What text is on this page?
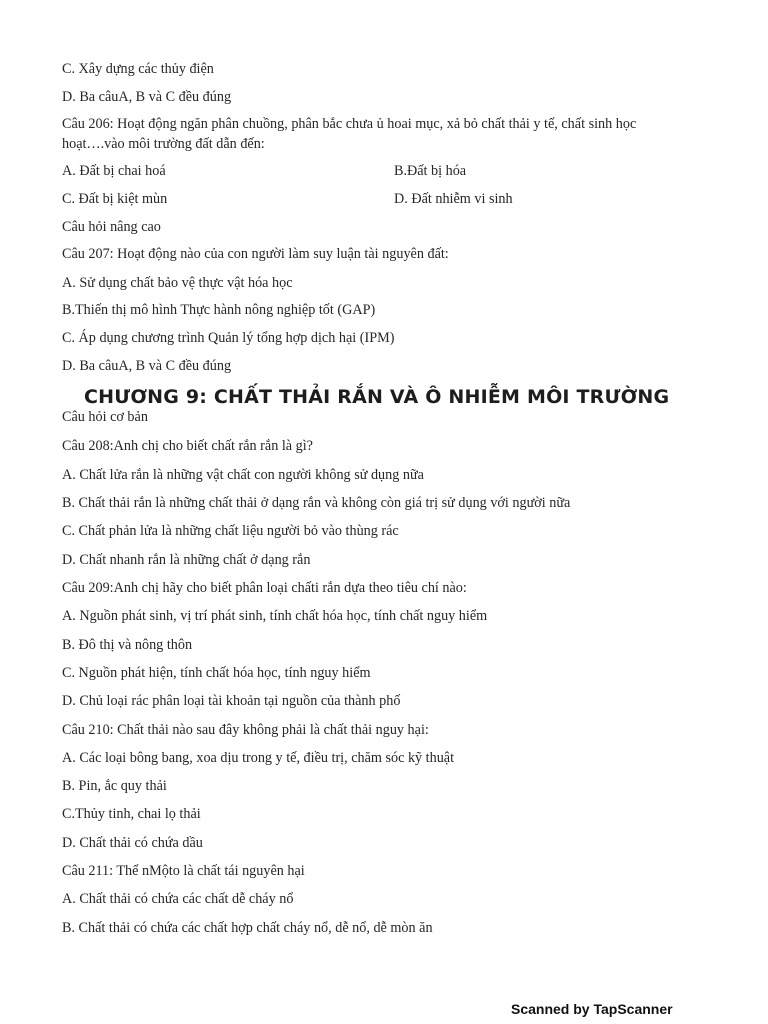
C. Xây dựng các thủy điện
D. Ba câuA, B và C đều đúng
Câu 206: Hoạt động ngăn phân chuồng, phân bắc chưa ủ hoai mục, xả bỏ chất thải y tế, chất sinh học
hoạt….vào môi trường đất dẫn đến:
A. Đất bị chai hoá	B.Đất bị hóa
C. Đất bị kiệt mùn	D. Đất nhiễm vi sinh
Câu hỏi nâng cao
Câu 207: Hoạt động nào của con người làm suy luận tài nguyên đất:
A. Sử dụng chất bảo vệ thực vật hóa học
B.Thiến thị mô hình Thực hành nông nghiệp tốt (GAP)
C. Áp dụng chương trình Quản lý tổng hợp dịch hại (IPM)
D. Ba câuA, B và C đều đúng
CHƯƠNG 9: CHẤT THẢI RẮN VÀ Ô NHIỄM MÔI TRƯỜNG
Câu hỏi cơ bản
Câu 208:Anh chị cho biết chất rắn rắn là gì?
A. Chất lửa rắn là những vật chất con người không sử dụng nữa
B. Chất thải rắn là những chất thải ở dạng rắn và không còn giá trị sử dụng với người nữa
C. Chất phản lửa là những chất liệu người bỏ vào thùng rác
D. Chất nhanh rắn là những chất ở dạng rắn
Câu 209:Anh chị hãy cho biết phân loại chấti rắn dựa theo tiêu chí nào:
A. Nguồn phát sinh, vị trí phát sinh, tính chất hóa học, tính chất nguy hiểm
B. Đô thị và nông thôn
C. Nguồn phát hiện, tính chất hóa học, tính nguy hiểm
D. Chủ loại rác phân loại tài khoản tại nguồn của thành phố
Câu 210: Chất thải nào sau đây không phải là chất thải nguy hại:
A. Các loại bông bang, xoa dịu trong y tế, điều trị, chăm sóc kỹ thuật
B. Pin, ắc quy thải
C.Thủy tinh, chai lọ thải
D. Chất thải có chứa dầu
Câu 211: Thể nMộto là chất tái nguyên hại
A. Chất thải có chứa các chất dễ cháy nổ
B. Chất thải có chứa các chất hợp chất cháy nổ, dễ nổ, dễ mòn ăn
Scanned by TapScanner
